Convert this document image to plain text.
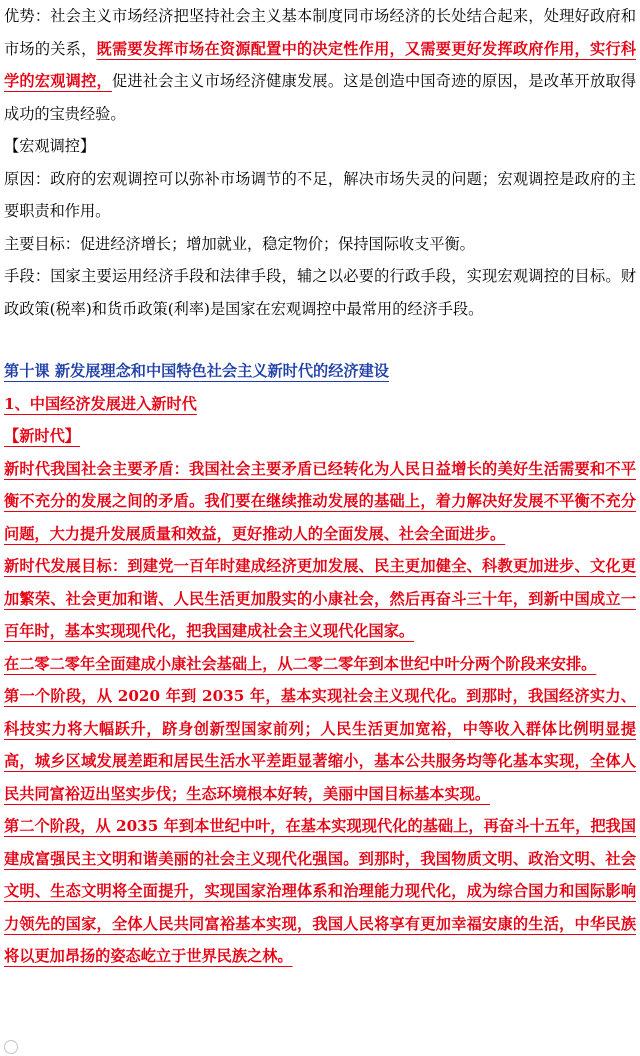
优势：社会主义市场经济把坚持社会主义基本制度同市场经济的长处结合起来，处理好政府和市场的关系，既需要发挥市场在资源配置中的决定性作用，又需要更好发挥政府作用，实行科学的宏观调控，促进社会主义市场经济健康发展。这是创造中国奇迹的原因，是改革开放取得成功的宝贵经验。

【宏观调控】

原因：政府的宏观调控可以弥补市场调节的不足，解决市场失灵的问题；宏观调控是政府的主要职责和作用。

主要目标：促进经济增长；增加就业，稳定物价；保持国际收支平衡。

手段：国家主要运用经济手段和法律手段，辅之以必要的行政手段，实现宏观调控的目标。财政政策(税率)和货币政策(利率)是国家在宏观调控中最常用的经济手段。

第十课 新发展理念和中国特色社会主义新时代的经济建设

1、中国经济发展进入新时代

【新时代】

新时代我国社会主要矛盾：我国社会主要矛盾已经转化为人民日益增长的美好生活需要和不平衡不充分的发展之间的矛盾。我们要在继续推动发展的基础上，着力解决好发展不平衡不充分问题，大力提升发展质量和效益，更好推动人的全面发展、社会全面进步。

新时代发展目标：到建党一百年时建成经济更加发展、民主更加健全、科教更加进步、文化更加繁荣、社会更加和谐、人民生活更加殷实的小康社会，然后再奋斗三十年，到新中国成立一百年时，基本实现现代化，把我国建成社会主义现代化国家。

在二零二零年全面建成小康社会基础上，从二零二零年到本世纪中叶分两个阶段来安排。

第一个阶段，从 2020 年到 2035 年，基本实现社会主义现代化。到那时，我国经济实力、科技实力将大幅跃升，跻身创新型国家前列；人民生活更加宽裕，中等收入群体比例明显提高，城乡区域发展差距和居民生活水平差距显著缩小，基本公共服务均等化基本实现，全体人民共同富裕迈出坚实步伐；生态环境根本好转，美丽中国目标基本实现。

第二个阶段，从 2035 年到本世纪中叶，在基本实现现代化的基础上，再奋斗十五年，把我国建成富强民主文明和谐美丽的社会主义现代化强国。到那时，我国物质文明、政治文明、社会文明、生态文明将全面提升，实现国家治理体系和治理能力现代化，成为综合国力和国际影响力领先的国家，全体人民共同富裕基本实现，我国人民将享有更加幸福安康的生活，中华民族将以更加昂扬的姿态屹立于世界民族之林。
